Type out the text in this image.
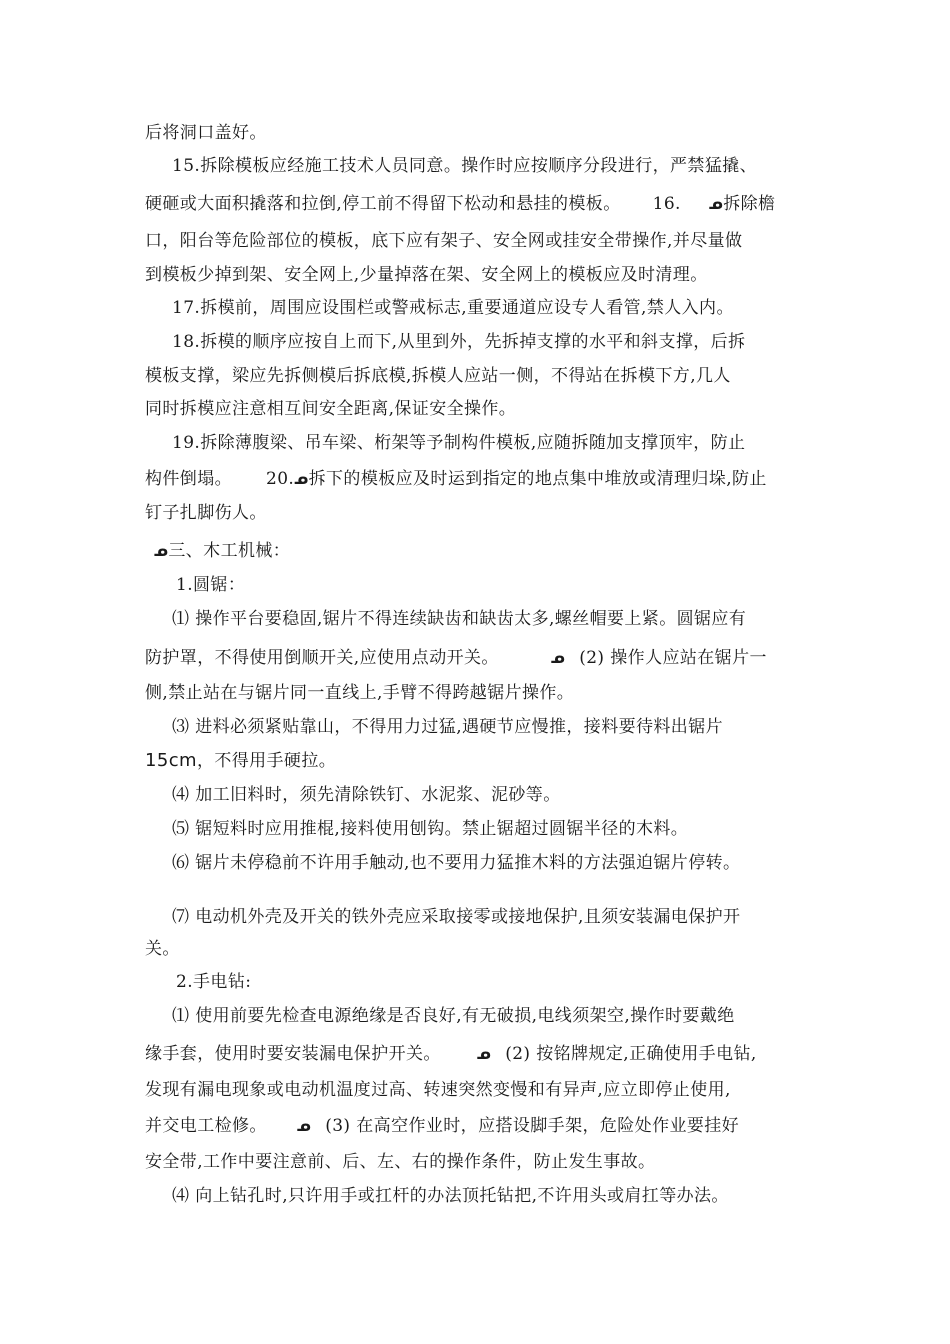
后将洞口盖好。
15.拆除模板应经施工技术人员同意。操作时应按顺序分段进行，严禁猛撬、
硬砸或大面积撬落和拉倒,停工前不得留下松动和悬挂的模板。 16. ᓄ拆除檐
口，阳台等危险部位的模板，底下应有架子、安全网或挂安全带操作,并尽量做
到模板少掉到架、安全网上,少量掉落在架、安全网上的模板应及时清理。
17.拆模前，周围应设围栏或警戒标志,重要通道应设专人看管,禁人入内。
18.拆模的顺序应按自上而下,从里到外，先拆掉支撑的水平和斜支撑，后拆
模板支撑，梁应先拆侧模后拆底模,拆模人应站一侧，不得站在拆模下方,几人
同时拆模应注意相互间安全距离,保证安全操作。
19.拆除薄腹梁、吊车梁、桁架等予制构件模板,应随拆随加支撑顶牢，防止
构件倒塌。 20.ᓄ拆下的模板应及时运到指定的地点集中堆放或清理归垛,防止
钉子扎脚伤人。
ᓄ三、木工机械：
1.圆锯：
⑴ 操作平台要稳固,锯片不得连续缺齿和缺齿太多,螺丝帽要上紧。圆锯应有
防护罩，不得使用倒顺开关,应使用点动开关。	ᓄ (2) 操作人应站在锯片一
侧,禁止站在与锯片同一直线上,手臂不得跨越锯片操作。
⑶ 进料必须紧贴靠山，不得用力过猛,遇硬节应慢推，接料要待料出锯片
15cm，不得用手硬拉。
⑷ 加工旧料时，须先清除铁钉、水泥浆、泥砂等。
⑸ 锯短料时应用推棍,接料使用刨钩。禁止锯超过圆锯半径的木料。
⑹ 锯片未停稳前不许用手触动,也不要用力猛推木料的方法强迫锯片停转。
⑺ 电动机外壳及开关的铁外壳应采取接零或接地保护,且须安装漏电保护开
关。
2.手电钻:
⑴ 使用前要先检查电源绝缘是否良好,有无破损,电线须架空,操作时要戴绝
缘手套，使用时要安装漏电保护开关。 ᓄ (2) 按铭牌规定,正确使用手电钻,
发现有漏电现象或电动机温度过高、转速突然变慢和有异声,应立即停止使用,
并交电工检修。 ᓄ (3) 在高空作业时，应搭设脚手架，危险处作业要挂好
安全带,工作中要注意前、后、左、右的操作条件，防止发生事故。
⑷ 向上钻孔时,只许用手或扛杆的办法顶托钻把,不许用头或肩扛等办法。
